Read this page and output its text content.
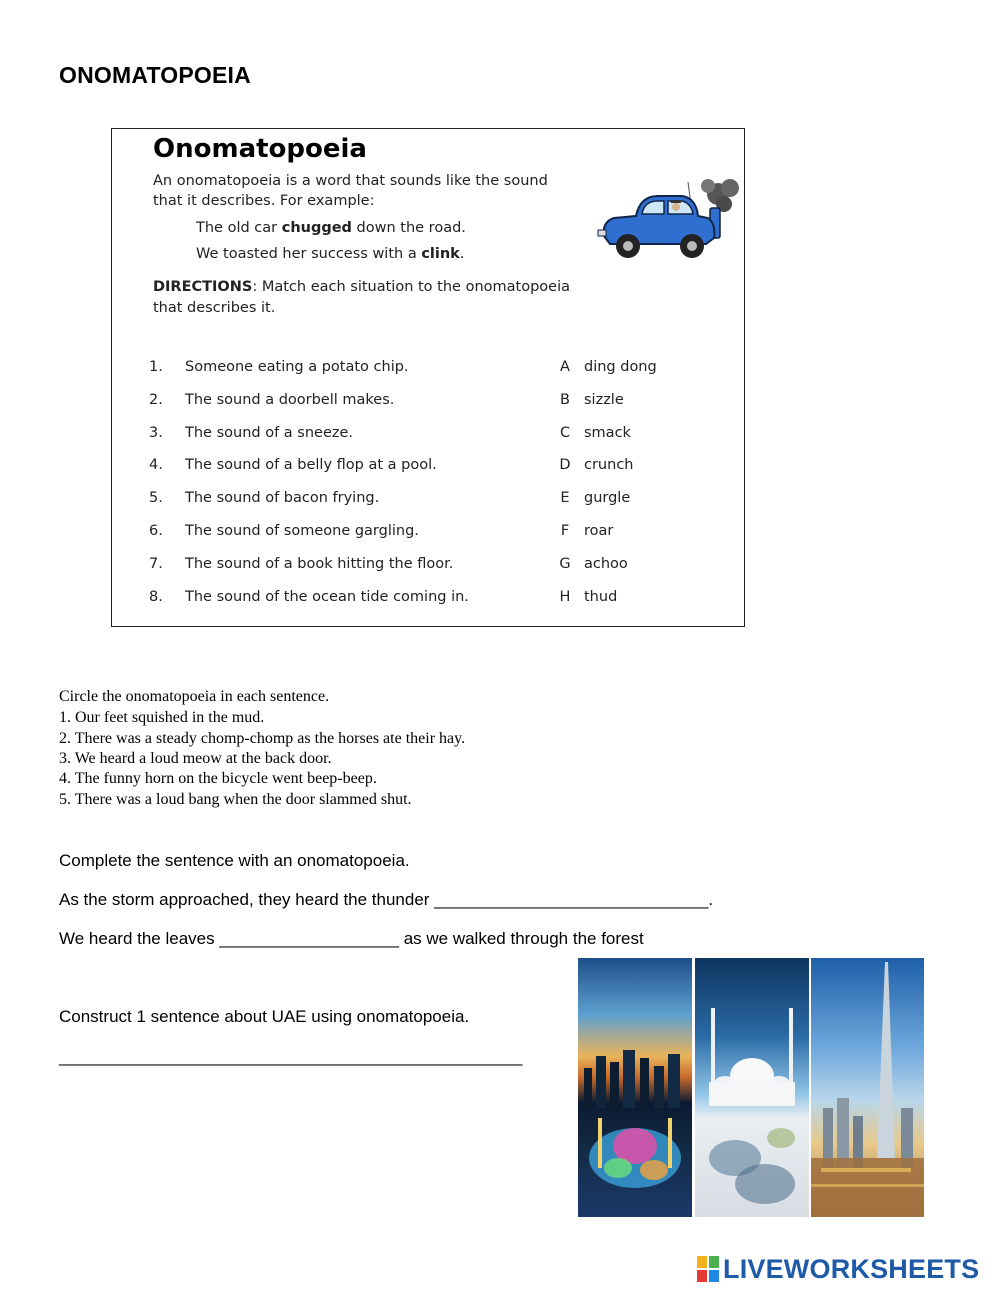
ONOMATOPOEIA
Onomatopoeia
An onomatopoeia is a word that sounds like the sound
that it describes. For example:
The old car chugged down the road.
We toasted her success with a clink.
DIRECTIONS: Match each situation to the onomatopoeia
that describes it.
1. Someone eating a potato chip.	A ding dong
2. The sound a doorbell makes.	B sizzle
3. The sound of a sneeze.	C smack
4. The sound of a belly flop at a pool.	D crunch
5. The sound of bacon frying.	E gurgle
6. The sound of someone gargling.	F roar
7. The sound of a book hitting the floor.	G achoo
8. The sound of the ocean tide coming in.	H thud
Circle the onomatopoeia in each sentence.
1. Our feet squished in the mud.
2. There was a steady chomp-chomp as the horses ate their hay.
3. We heard a loud meow at the back door.
4. The funny horn on the bicycle went beep-beep.
5. There was a loud bang when the door slammed shut.
Complete the sentence with an onomatopoeia.
As the storm approached, they heard the thunder _____________________________.
We heard the leaves ___________________ as we walked through the forest
Construct 1 sentence about UAE using onomatopoeia.
_________________________________________________
LIVEWORKSHEETS
